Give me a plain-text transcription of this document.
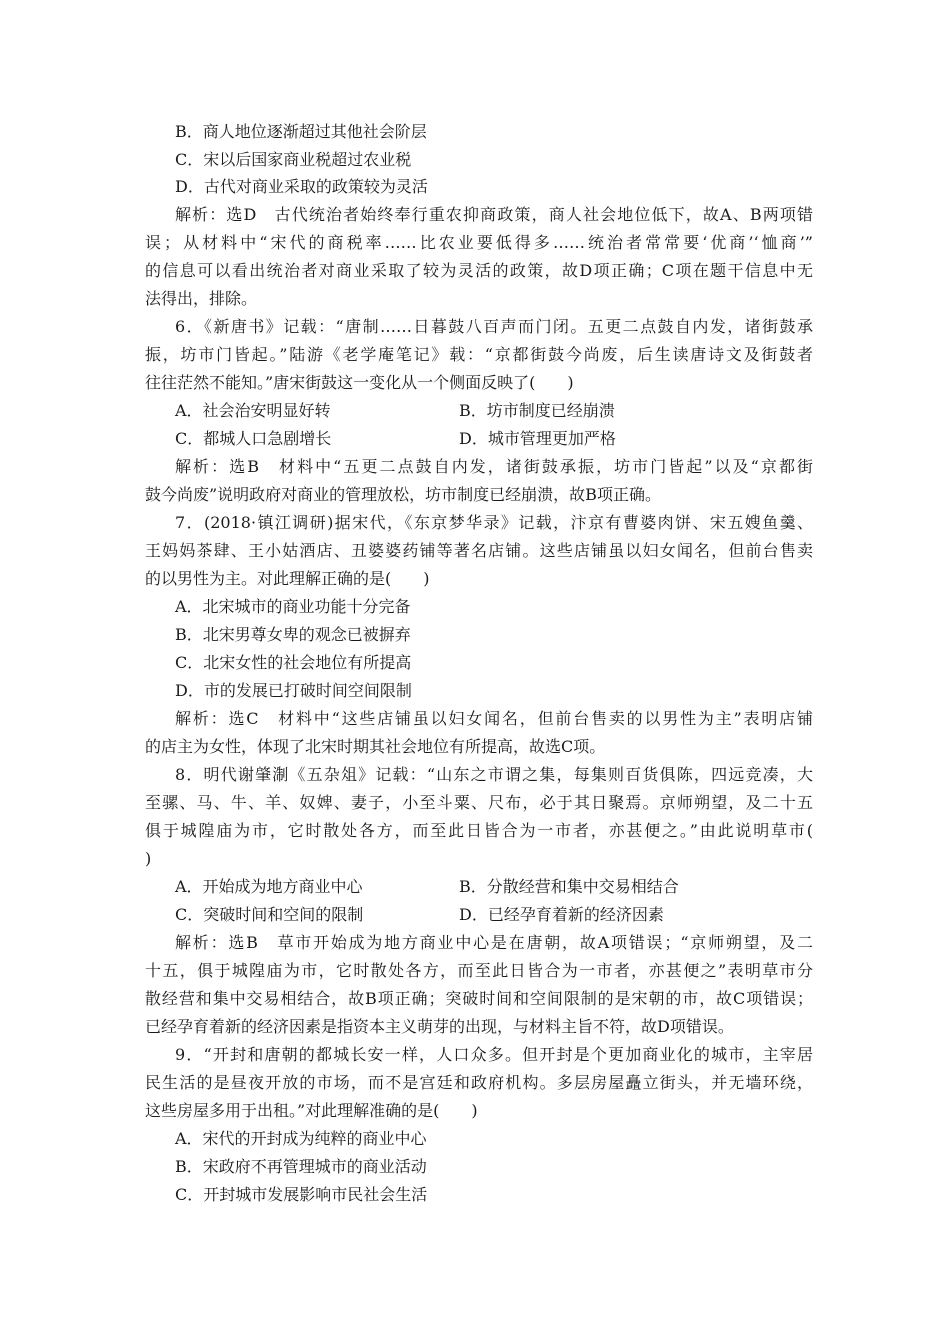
B．商人地位逐渐超过其他社会阶层
C．宋以后国家商业税超过农业税
D．古代对商业采取的政策较为灵活
解析：选D　古代统治者始终奉行重农抑商政策，商人社会地位低下，故A、B两项错
误；从材料中“宋代的商税率……比农业要低得多……统治者常常要‘优商’‘恤商’”
的信息可以看出统治者对商业采取了较为灵活的政策，故D项正确；C项在题干信息中无
法得出，排除。
6．《新唐书》记载：“唐制……日暮鼓八百声而门闭。五更二点鼓自内发，诸街鼓承
振，坊市门皆起。”陆游《老学庵笔记》载：“京都街鼓今尚废，后生读唐诗文及街鼓者
往往茫然不能知。”唐宋街鼓这一变化从一个侧面反映了(　　)
A．社会治安明显好转	B．坊市制度已经崩溃
C．都城人口急剧增长	D．城市管理更加严格
解析：选B　材料中“五更二点鼓自内发，诸街鼓承振，坊市门皆起”以及“京都街
鼓今尚废”说明政府对商业的管理放松，坊市制度已经崩溃，故B项正确。
7．(2018·镇江调研)据宋代，《东京梦华录》记载，汴京有曹婆肉饼、宋五嫂鱼羹、
王妈妈茶肆、王小姑酒店、丑婆婆药铺等著名店铺。这些店铺虽以妇女闻名，但前台售卖
的以男性为主。对此理解正确的是(　　)
A．北宋城市的商业功能十分完备
B．北宋男尊女卑的观念已被摒弃
C．北宋女性的社会地位有所提高
D．市的发展已打破时间空间限制
解析：选C　材料中“这些店铺虽以妇女闻名，但前台售卖的以男性为主”表明店铺
的店主为女性，体现了北宋时期其社会地位有所提高，故选C项。
8．明代谢肇淛《五杂俎》记载：“山东之市谓之集，每集则百货俱陈，四远竞凑，大
至骡、马、牛、羊、奴婢、妻子，小至斗粟、尺布，必于其日聚焉。京师朔望，及二十五
俱于城隍庙为市，它时散处各方，而至此日皆合为一市者，亦甚便之。”由此说明草市(
)
A．开始成为地方商业中心	B．分散经营和集中交易相结合
C．突破时间和空间的限制	D．已经孕育着新的经济因素
解析：选B　草市开始成为地方商业中心是在唐朝，故A项错误；“京师朔望，及二
十五，俱于城隍庙为市，它时散处各方，而至此日皆合为一市者，亦甚便之”表明草市分
散经营和集中交易相结合，故B项正确；突破时间和空间限制的是宋朝的市，故C项错误；
已经孕育着新的经济因素是指资本主义萌芽的出现，与材料主旨不符，故D项错误。
9．“开封和唐朝的都城长安一样，人口众多。但开封是个更加商业化的城市，主宰居
民生活的是昼夜开放的市场，而不是宫廷和政府机构。多层房屋矗立街头，并无墙环绕，
这些房屋多用于出租。”对此理解准确的是(　　)
A．宋代的开封成为纯粹的商业中心
B．宋政府不再管理城市的商业活动
C．开封城市发展影响市民社会生活
